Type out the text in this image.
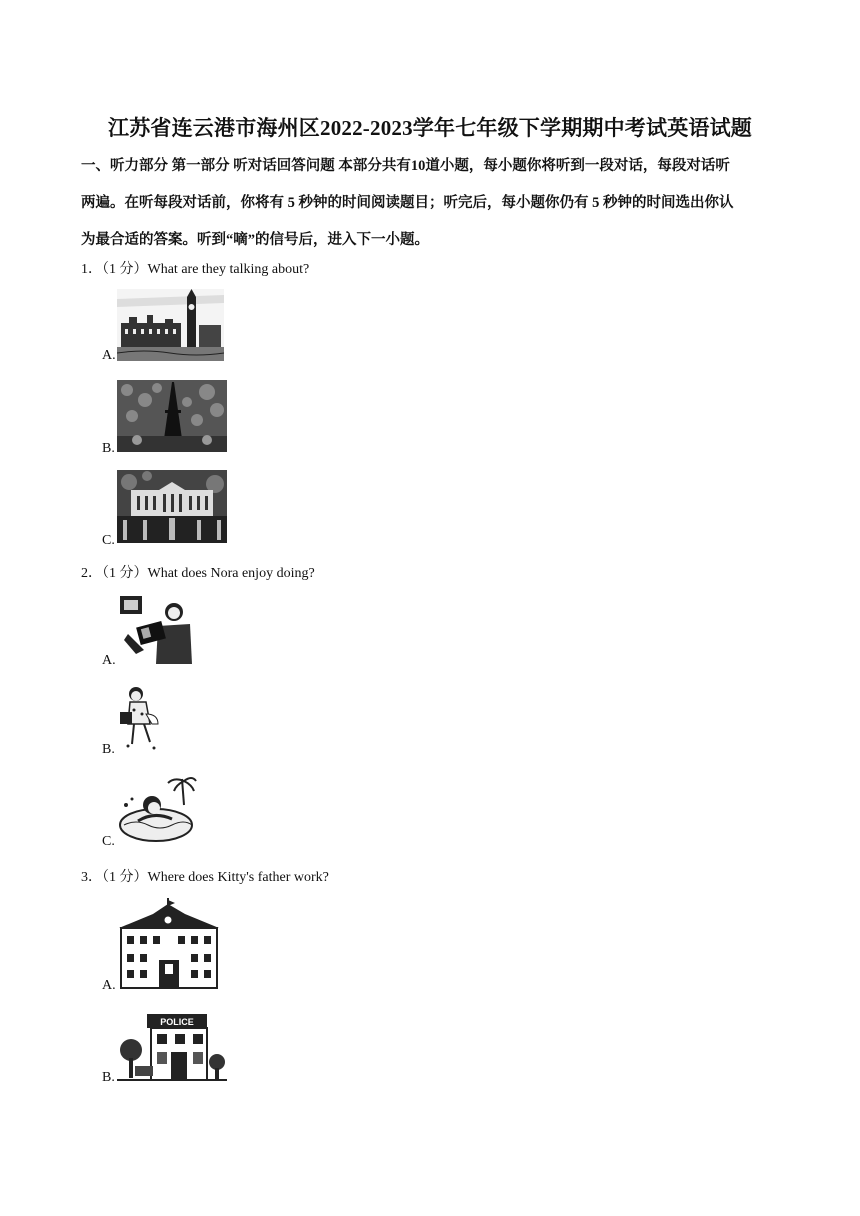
江苏省连云港市海州区2022-2023学年七年级下学期期中考试英语试题
一、听力部分 第一部分 听对话回答问题 本部分共有10道小题，每小题你将听到一段对话，每段对话听
两遍。在听每段对话前，你将有 5 秒钟的时间阅读题目；听完后，每小题你仍有 5 秒钟的时间选出你认
为最合适的答案。听到“嘀”的信号后，进入下一小题。
1．（1 分）What are they talking about?
A.
B.
C.
2．（1 分）What does Nora enjoy doing?
A.
B.
C.
3．（1 分）Where does Kitty's father work?
A.
B.
POLICE
